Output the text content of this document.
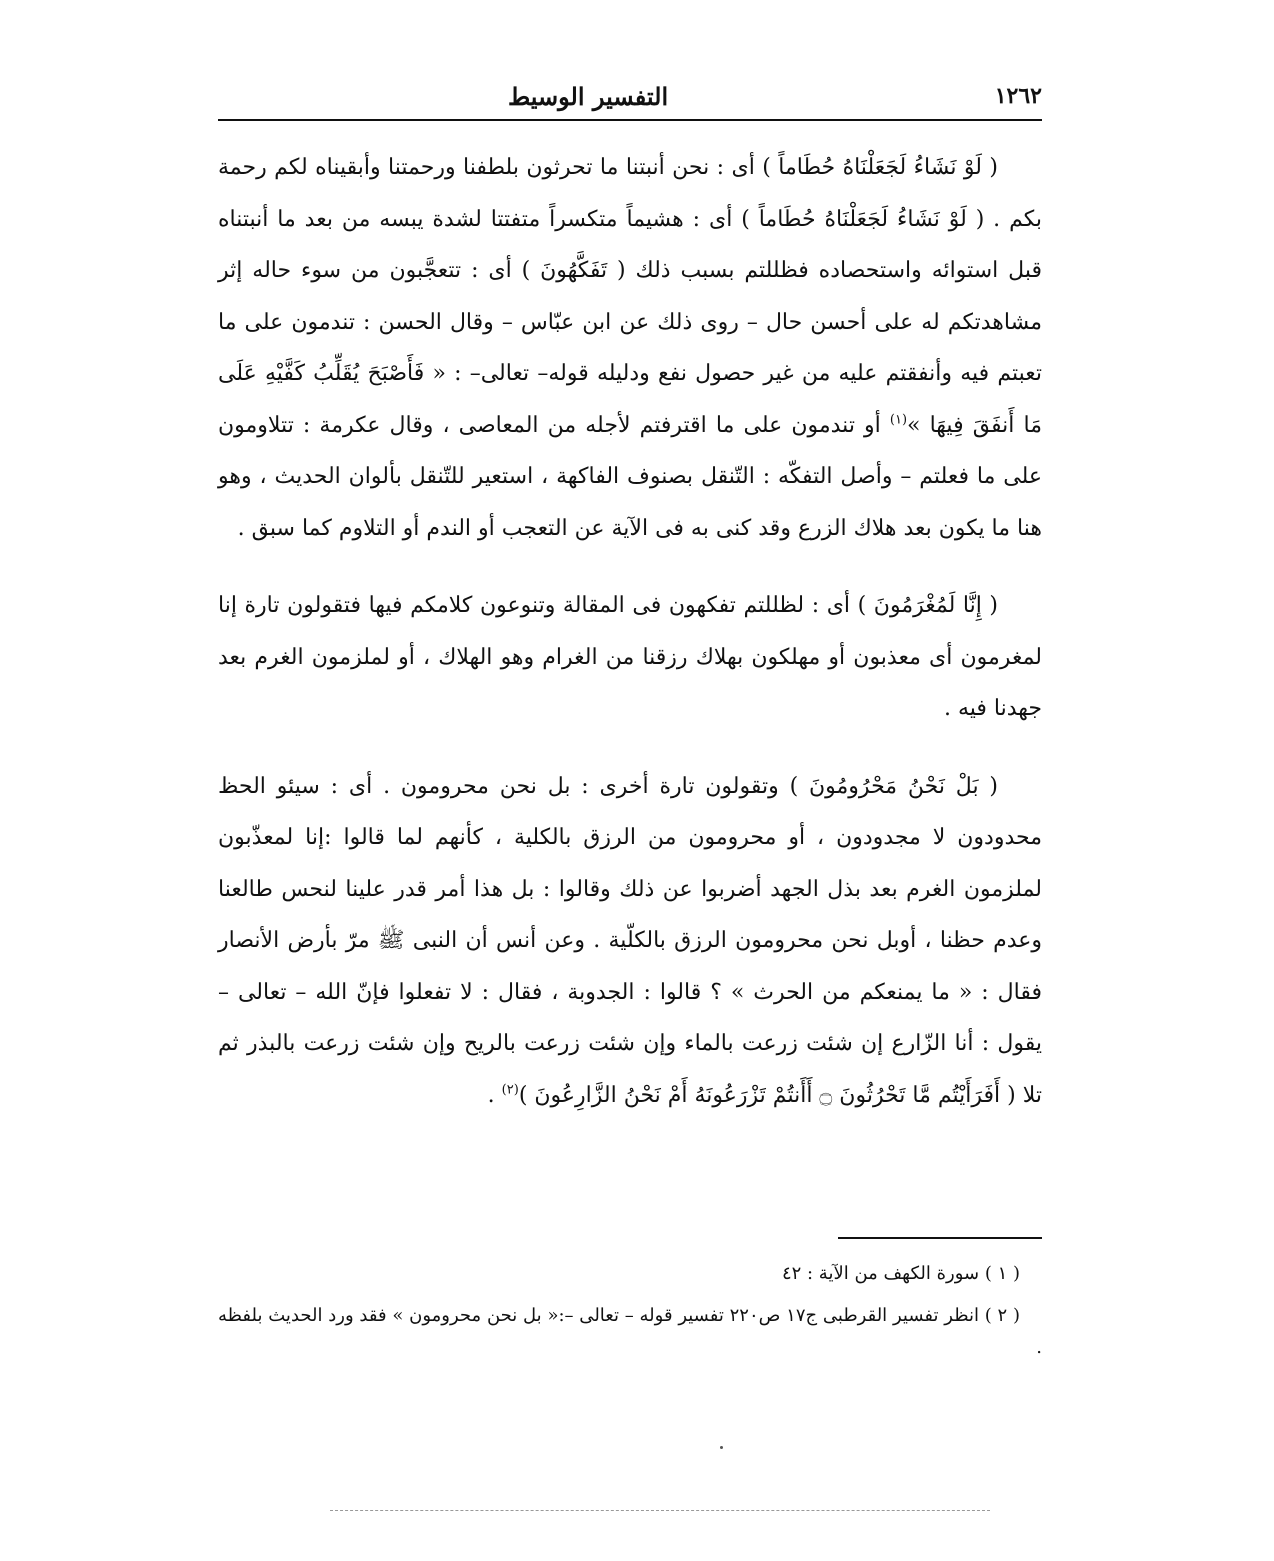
١٢٦٢
التفسير الوسيط

( لَوْ نَشَاءُ لَجَعَلْنَاهُ حُطَاماً ) أى : نحن أنبتنا ما تحرثون بلطفنا ورحمتنا وأبقيناه لكم رحمة بكم . ( لَوْ نَشَاءُ لَجَعَلْنَاهُ حُطَاماً ) أى : هشيماً متكسراً متفتتا لشدة يبسه من بعد ما أنبتناه قبل استوائه واستحصاده فظللتم بسبب ذلك ( تَفَكَّهُونَ ) أى : تتعجَّبون من سوء حاله إثر مشاهدتكم له على أحسن حال – روى ذلك عن ابن عبّاس – وقال الحسن : تندمون على ما تعبتم فيه وأنفقتم عليه من غير حصول نفع ودليله قوله– تعالى– : « فَأَصْبَحَ يُقَلِّبُ كَفَّيْهِ عَلَى مَا أَنفَقَ فِيهَا »$^{(١)}$ أو تندمون على ما اقترفتم لأجله من المعاصى ، وقال عكرمة : تتلاومون على ما فعلتم – وأصل التفكّه : التّنقل بصنوف الفاكهة ، استعير للتّنقل بألوان الحديث ، وهو هنا ما يكون بعد هلاك الزرع وقد كنى به فى الآية عن التعجب أو الندم أو التلاوم كما سبق .

( إِنَّا لَمُغْرَمُونَ ) أى : لظللتم تفكهون فى المقالة وتنوعون كلامكم فيها فتقولون تارة إنا لمغرمون أى معذبون أو مهلكون بهلاك رزقنا من الغرام وهو الهلاك ، أو لملزمون الغرم بعد جهدنا فيه .

( بَلْ نَحْنُ مَحْرُومُونَ ) وتقولون تارة أخرى : بل نحن محرومون . أى : سيئو الحظ محدودون لا مجدودون ، أو محرومون من الرزق بالكلية ، كأنهم لما قالوا :إنا لمعذّبون لملزمون الغرم بعد بذل الجهد أضربوا عن ذلك وقالوا : بل هذا أمر قدر علينا لنحس طالعنا وعدم حظنا ، أوبل نحن محرومون الرزق بالكلّية . وعن أنس أن النبى ﷺ مرّ بأرض الأنصار فقال : « ما يمنعكم من الحرث » ؟ قالوا : الجدوبة ، فقال : لا تفعلوا فإنّ الله – تعالى – يقول : أنا الزّارع إن شئت زرعت بالماء وإن شئت زرعت بالريح وإن شئت زرعت بالبذر ثم تلا ( أَفَرَأَيْتُم مَّا تَحْرُثُونَ ۝ أَأَنتُمْ تَزْرَعُونَهُ أَمْ نَحْنُ الزَّارِعُونَ )$^{(٢)}$ .

( ١ ) سورة الكهف من الآية : ٤٢

( ٢ ) انظر تفسير القرطبى ج١٧ ص٢٢٠ تفسير قوله – تعالى –:« بل نحن محرومون » فقد ورد الحديث بلفظه .
